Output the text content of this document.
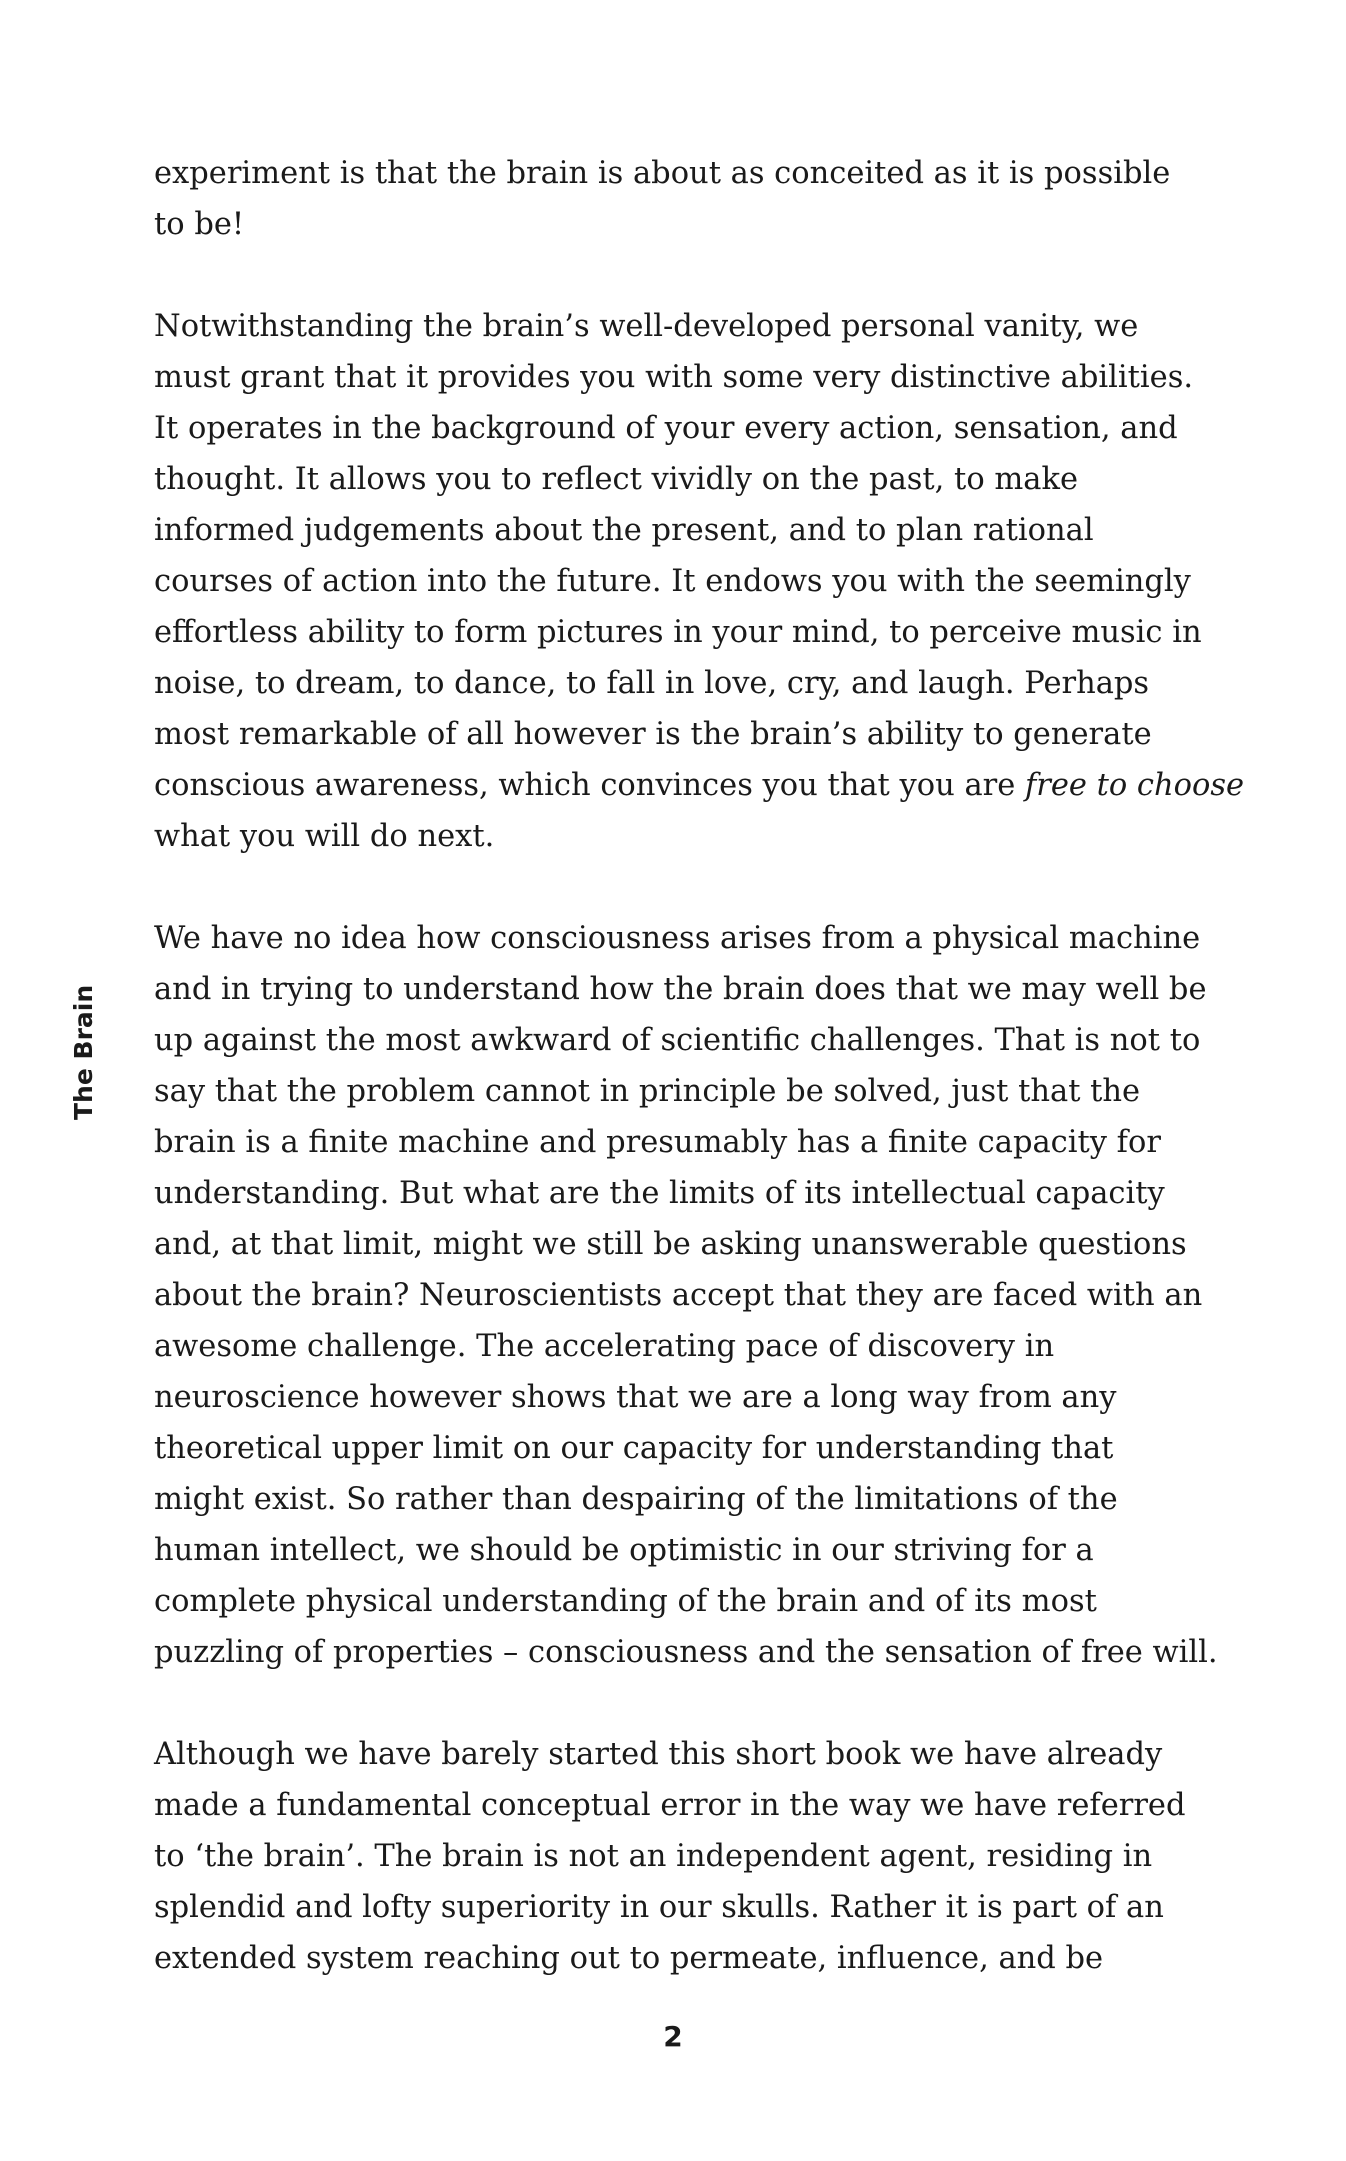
The Brain

experiment is that the brain is about as conceited as it is possible
to be!

Notwithstanding the brain’s well-developed personal vanity, we
must grant that it provides you with some very distinctive abilities.
It operates in the background of your every action, sensation, and
thought. It allows you to reflect vividly on the past, to make
informed judgements about the present, and to plan rational
courses of action into the future. It endows you with the seemingly
effortless ability to form pictures in your mind, to perceive music in
noise, to dream, to dance, to fall in love, cry, and laugh. Perhaps
most remarkable of all however is the brain’s ability to generate
conscious awareness, which convinces you that you are free to choose
what you will do next.

We have no idea how consciousness arises from a physical machine
and in trying to understand how the brain does that we may well be
up against the most awkward of scientific challenges. That is not to
say that the problem cannot in principle be solved, just that the
brain is a finite machine and presumably has a finite capacity for
understanding. But what are the limits of its intellectual capacity
and, at that limit, might we still be asking unanswerable questions
about the brain? Neuroscientists accept that they are faced with an
awesome challenge. The accelerating pace of discovery in
neuroscience however shows that we are a long way from any
theoretical upper limit on our capacity for understanding that
might exist. So rather than despairing of the limitations of the
human intellect, we should be optimistic in our striving for a
complete physical understanding of the brain and of its most
puzzling of properties – consciousness and the sensation of free will.

Although we have barely started this short book we have already
made a fundamental conceptual error in the way we have referred
to ‘the brain’. The brain is not an independent agent, residing in
splendid and lofty superiority in our skulls. Rather it is part of an
extended system reaching out to permeate, influence, and be

2
